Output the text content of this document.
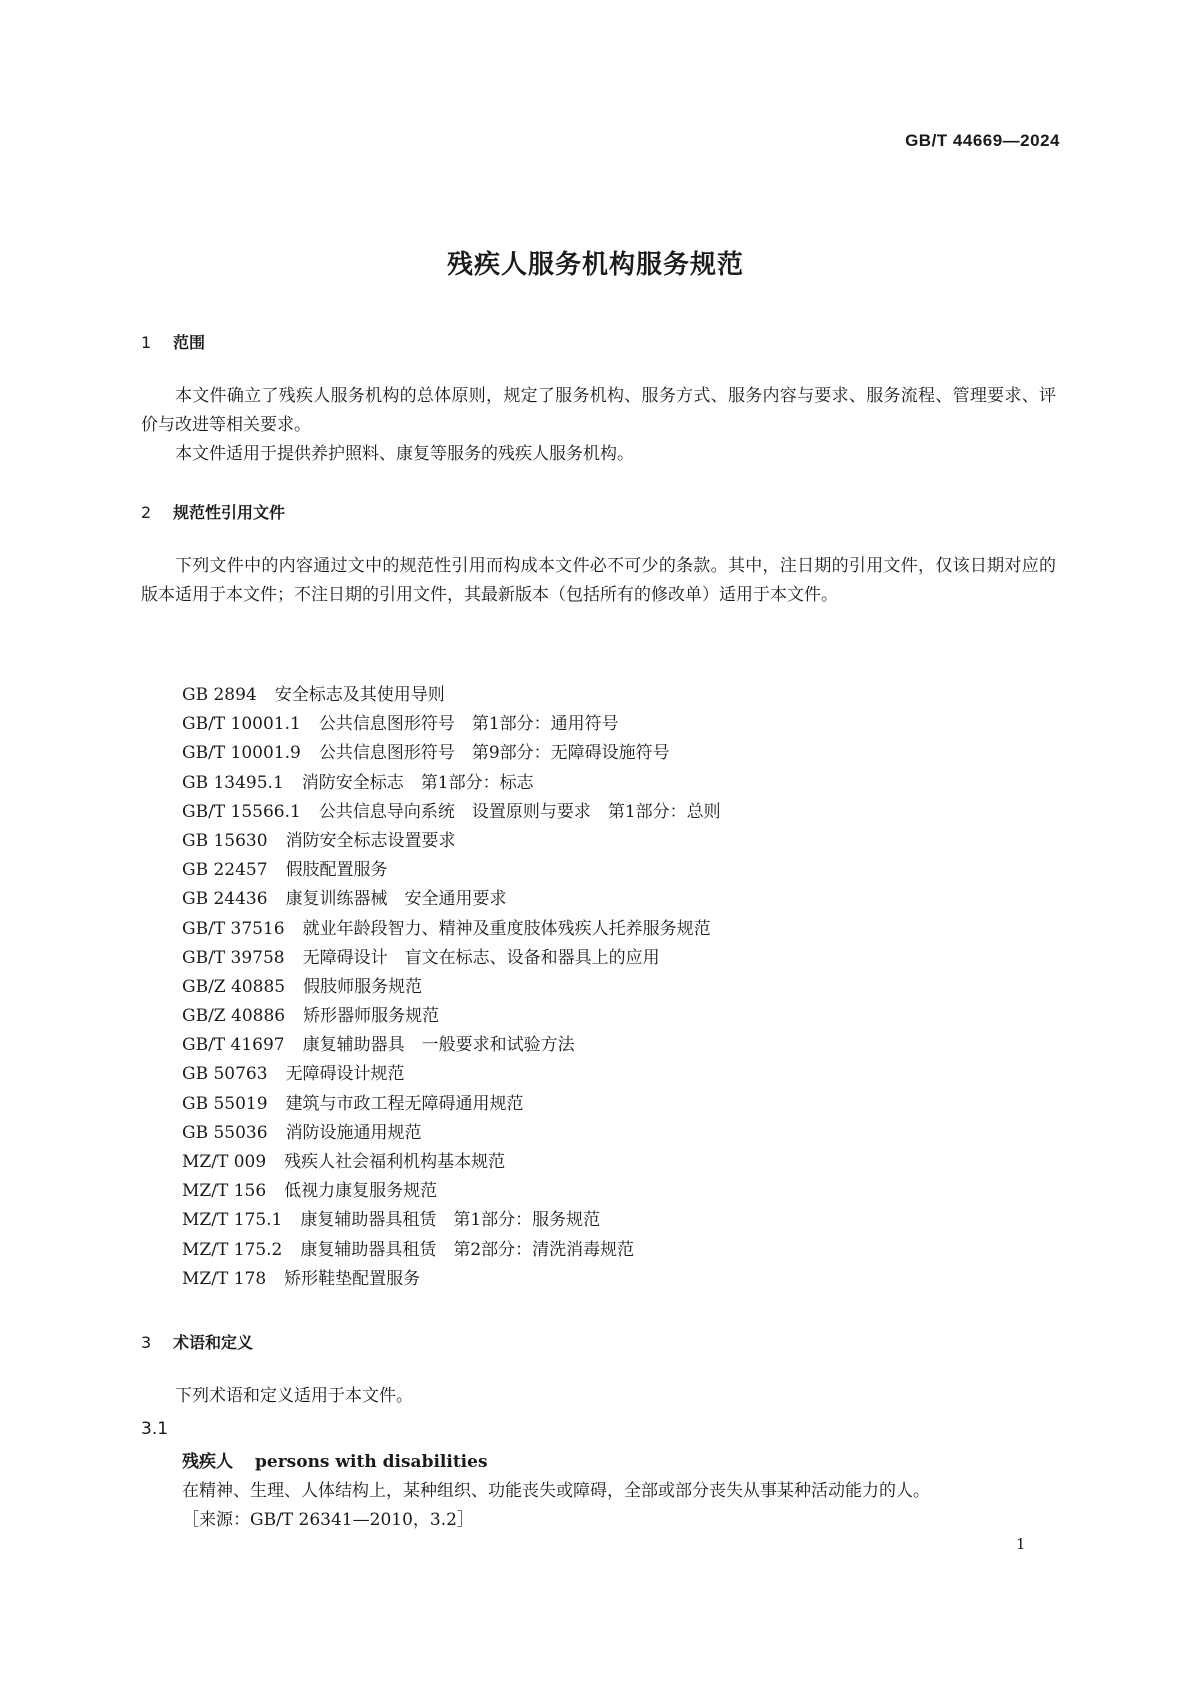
GB/T 44669—2024
残疾人服务机构服务规范
1 范围

本文件确立了残疾人服务机构的总体原则，规定了服务机构、服务方式、服务内容与要求、服务流程、管理要求、评价与改进等相关要求。

本文件适用于提供养护照料、康复等服务的残疾人服务机构。

2 规范性引用文件

下列文件中的内容通过文中的规范性引用而构成本文件必不可少的条款。其中，注日期的引用文件，仅该日期对应的版本适用于本文件；不注日期的引用文件，其最新版本（包括所有的修改单）适用于本文件。

GB 2894 安全标志及其使用导则
GB/T 10001.1 公共信息图形符号　第1部分：通用符号
GB/T 10001.9 公共信息图形符号　第9部分：无障碍设施符号
GB 13495.1 消防安全标志　第1部分：标志
GB/T 15566.1 公共信息导向系统　设置原则与要求　第1部分：总则
GB 15630 消防安全标志设置要求
GB 22457 假肢配置服务
GB 24436 康复训练器械　安全通用要求
GB/T 37516 就业年龄段智力、精神及重度肢体残疾人托养服务规范
GB/T 39758 无障碍设计　盲文在标志、设备和器具上的应用
GB/Z 40885 假肢师服务规范
GB/Z 40886 矫形器师服务规范
GB/T 41697 康复辅助器具　一般要求和试验方法
GB 50763 无障碍设计规范
GB 55019 建筑与市政工程无障碍通用规范
GB 55036 消防设施通用规范
MZ/T 009 残疾人社会福利机构基本规范
MZ/T 156 低视力康复服务规范
MZ/T 175.1 康复辅助器具租赁　第1部分：服务规范
MZ/T 175.2 康复辅助器具租赁　第2部分：清洗消毒规范
MZ/T 178 矫形鞋垫配置服务
3 术语和定义

下列术语和定义适用于本文件。

3.1
残疾人 persons with disabilities
在精神、生理、人体结构上，某种组织、功能丧失或障碍，全部或部分丧失从事某种活动能力的人。
［来源：GB/T 26341—2010，3.2］
1
